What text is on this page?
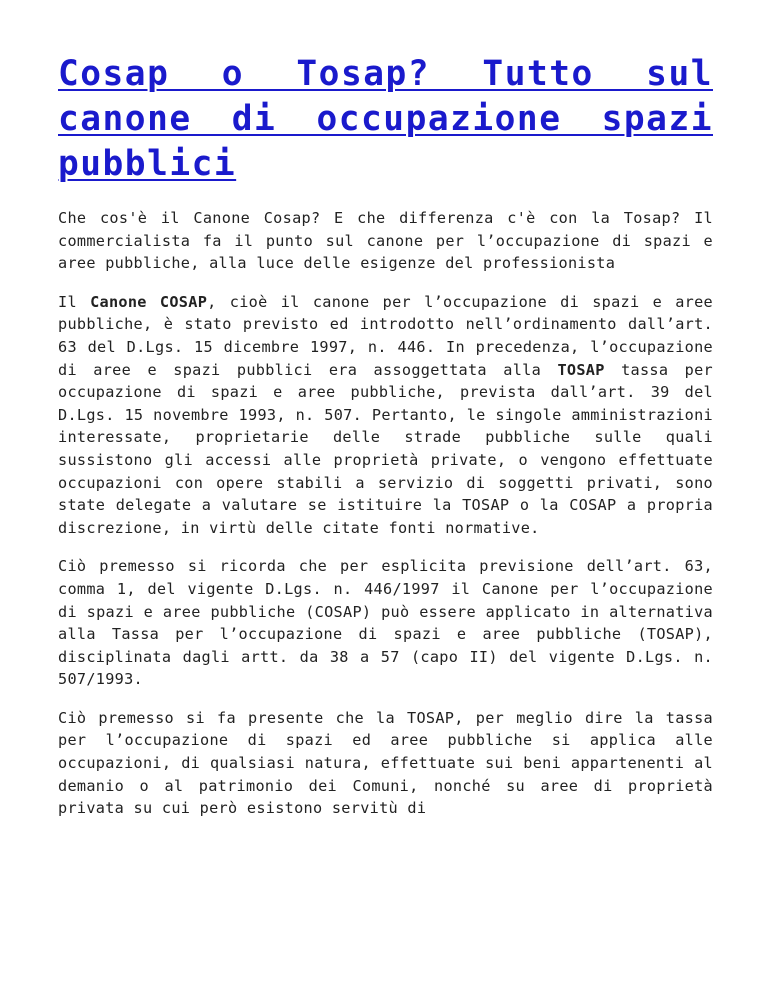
Cosap o Tosap? Tutto sul canone di occupazione spazi pubblici

Che cos'è il Canone Cosap? E che differenza c'è con la Tosap? Il commercialista fa il punto sul canone per l’occupazione di spazi e aree pubbliche, alla luce delle esigenze del professionista

Il Canone COSAP, cioè il canone per l’occupazione di spazi e aree pubbliche, è stato previsto ed introdotto nell’ordinamento dall’art. 63 del D.Lgs. 15 dicembre 1997, n. 446. In precedenza, l’occupazione di aree e spazi pubblici era assoggettata alla TOSAP tassa per occupazione di spazi e aree pubbliche, prevista dall’art. 39 del D.Lgs. 15 novembre 1993, n. 507. Pertanto, le singole amministrazioni interessate, proprietarie delle strade pubbliche sulle quali sussistono gli accessi alle proprietà private, o vengono effettuate occupazioni con opere stabili a servizio di soggetti privati, sono state delegate a valutare se istituire la TOSAP o la COSAP a propria discrezione, in virtù delle citate fonti normative.

Ciò premesso si ricorda che per esplicita previsione dell’art. 63, comma 1, del vigente D.Lgs. n. 446/1997 il Canone per l’occupazione di spazi e aree pubbliche (COSAP) può essere applicato in alternativa alla Tassa per l’occupazione di spazi e aree pubbliche (TOSAP), disciplinata dagli artt. da 38 a 57 (capo II) del vigente D.Lgs. n. 507/1993.

Ciò premesso si fa presente che la TOSAP, per meglio dire la tassa per l’occupazione di spazi ed aree pubbliche si applica alle occupazioni, di qualsiasi natura, effettuate sui beni appartenenti al demanio o al patrimonio dei Comuni, nonché su aree di proprietà privata su cui però esistono servitù di
